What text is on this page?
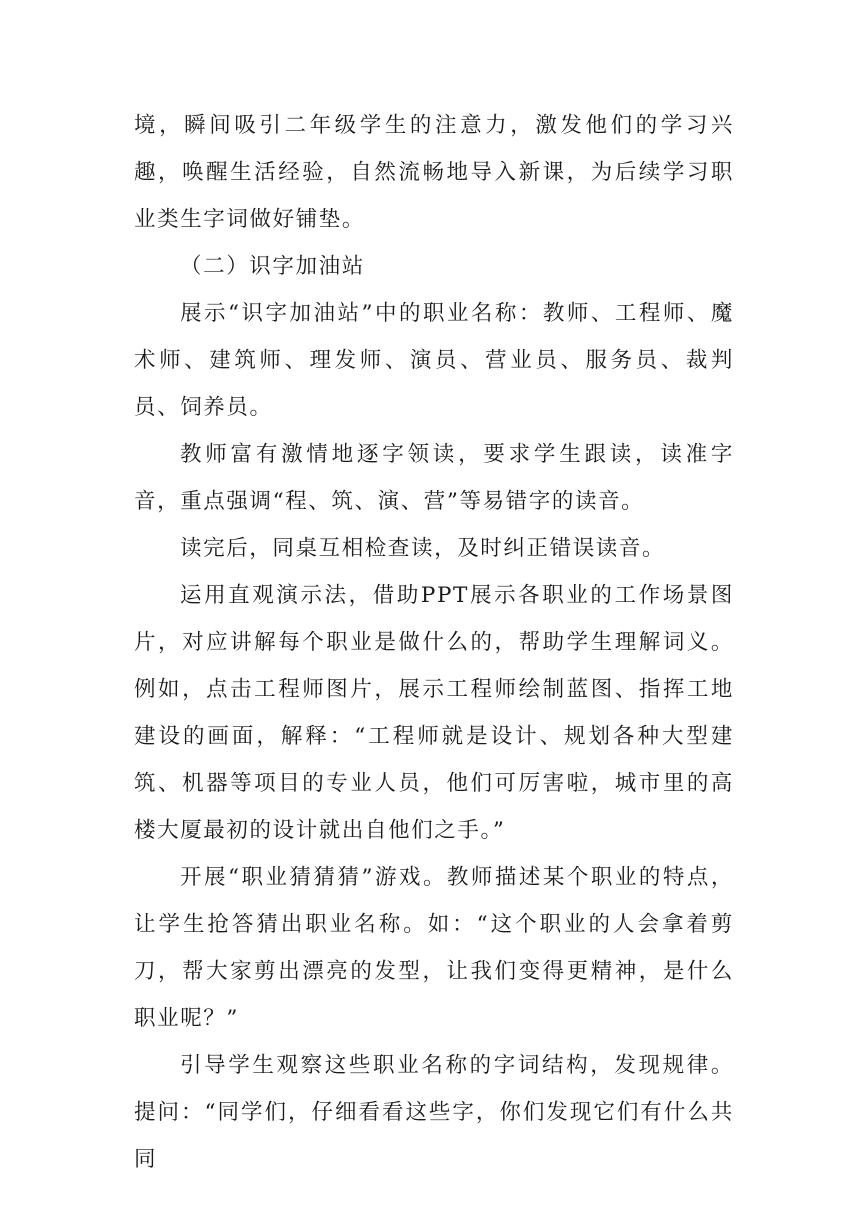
境，瞬间吸引二年级学生的注意力，激发他们的学习兴趣，唤醒生活经验，自然流畅地导入新课，为后续学习职业类生字词做好铺垫。

（二）识字加油站

展示“识字加油站”中的职业名称：教师、工程师、魔术师、建筑师、理发师、演员、营业员、服务员、裁判员、饲养员。

教师富有激情地逐字领读，要求学生跟读，读准字音，重点强调“程、筑、演、营”等易错字的读音。

读完后，同桌互相检查读，及时纠正错误读音。

运用直观演示法，借助PPT展示各职业的工作场景图片，对应讲解每个职业是做什么的，帮助学生理解词义。例如，点击工程师图片，展示工程师绘制蓝图、指挥工地建设的画面，解释：“工程师就是设计、规划各种大型建筑、机器等项目的专业人员，他们可厉害啦，城市里的高楼大厦最初的设计就出自他们之手。”

开展“职业猜猜猜”游戏。教师描述某个职业的特点，让学生抢答猜出职业名称。如：“这个职业的人会拿着剪刀，帮大家剪出漂亮的发型，让我们变得更精神，是什么职业呢？”

引导学生观察这些职业名称的字词结构，发现规律。提问：“同学们，仔细看看这些字，你们发现它们有什么共同
